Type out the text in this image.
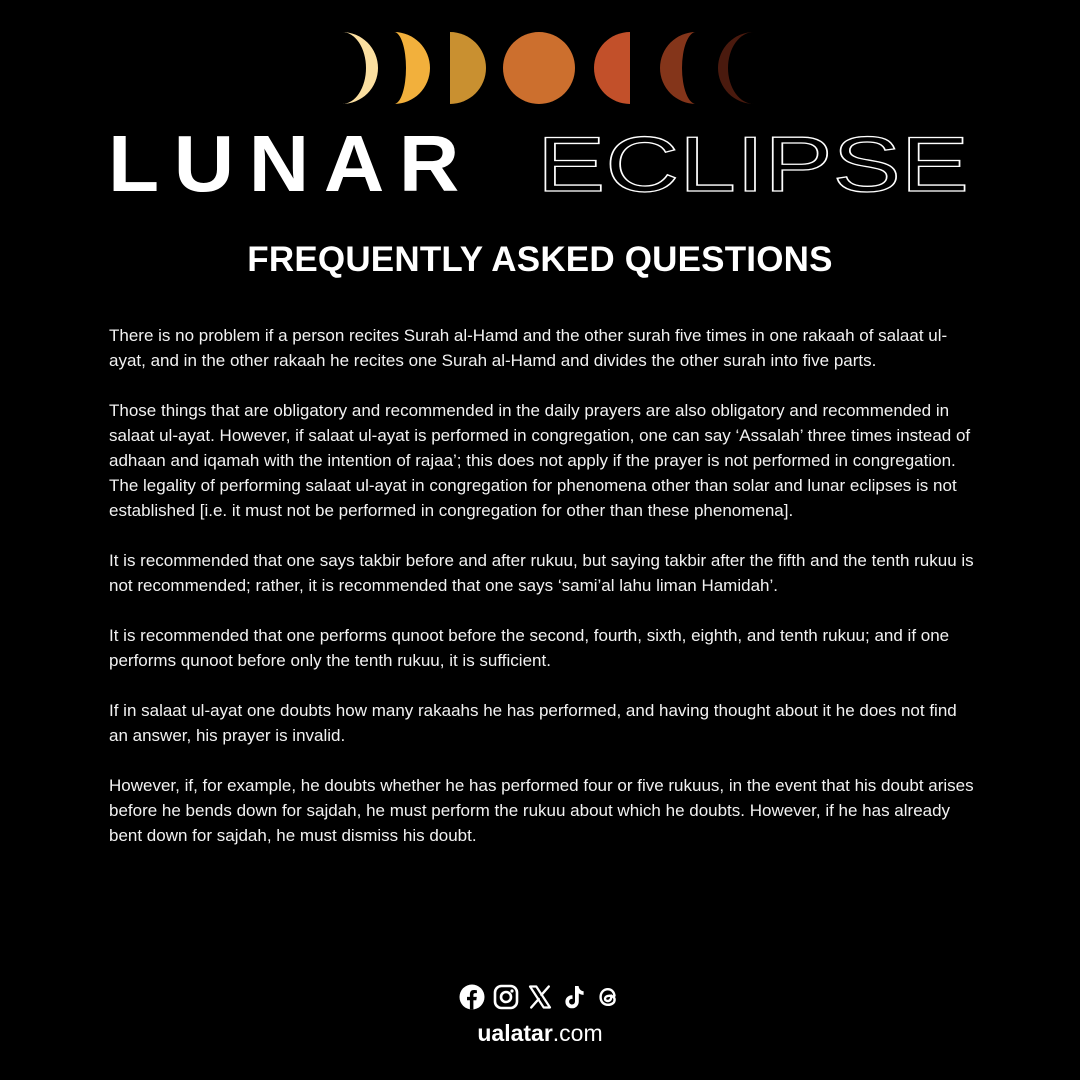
LUNAR ECLIPSE
FREQUENTLY ASKED QUESTIONS

There is no problem if a person recites Surah al-Hamd and the other surah five times in one rakaah of salaat ul-ayat, and in the other rakaah he recites one Surah al-Hamd and divides the other surah into five parts.

Those things that are obligatory and recommended in the daily prayers are also obligatory and recommended in salaat ul-ayat. However, if salaat ul-ayat is performed in congregation, one can say ‘Assalah’ three times instead of adhaan and iqamah with the intention of rajaa’; this does not apply if the prayer is not performed in congregation. The legality of performing salaat ul-ayat in congregation for phenomena other than solar and lunar eclipses is not established [i.e. it must not be performed in congregation for other than these phenomena].

It is recommended that one says takbir before and after rukuu, but saying takbir after the fifth and the tenth rukuu is not recommended; rather, it is recommended that one says ‘sami’al lahu liman Hamidah’.

It is recommended that one performs qunoot before the second, fourth, sixth, eighth, and tenth rukuu; and if one performs qunoot before only the tenth rukuu, it is sufficient.

If in salaat ul-ayat one doubts how many rakaahs he has performed, and having thought about it he does not find an answer, his prayer is invalid.

However, if, for example, he doubts whether he has performed four or five rukuus, in the event that his doubt arises before he bends down for sajdah, he must perform the rukuu about which he doubts. However, if he has already bent down for sajdah, he must dismiss his doubt.

ualatar.com
